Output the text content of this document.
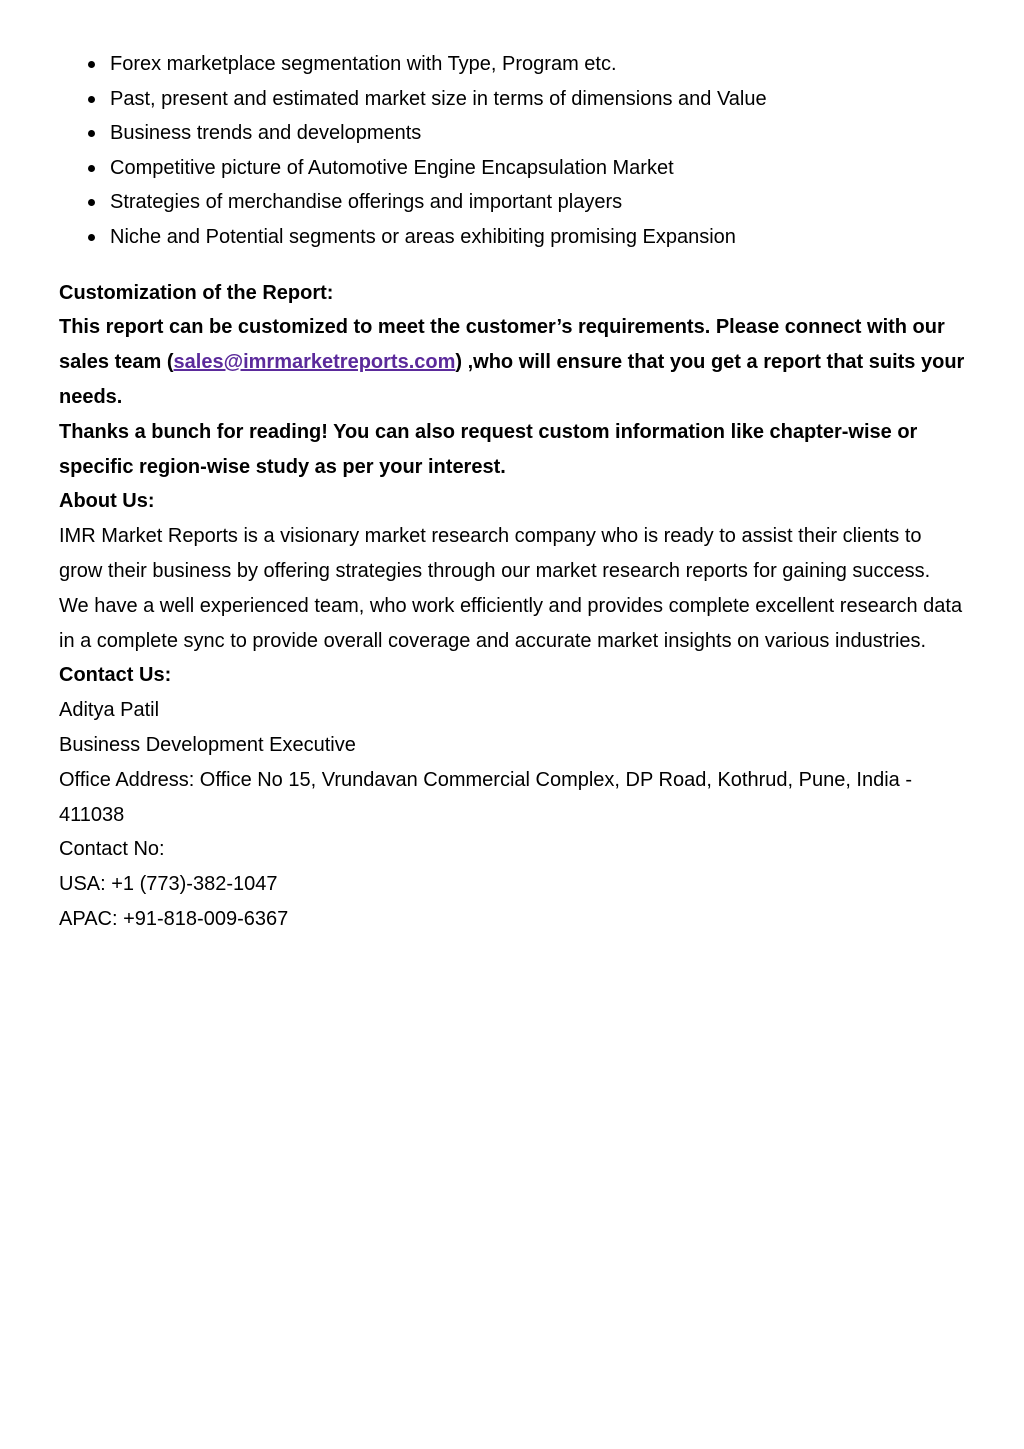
Forex marketplace segmentation with Type, Program etc.
Past, present and estimated market size in terms of dimensions and Value
Business trends and developments
Competitive picture of Automotive Engine Encapsulation Market
Strategies of merchandise offerings and important players
Niche and Potential segments or areas exhibiting promising Expansion

Customization of the Report:

This report can be customized to meet the customer’s requirements. Please connect with our sales team (sales@imrmarketreports.com) ,who will ensure that you get a report that suits your needs.

Thanks a bunch for reading! You can also request custom information like chapter-wise or specific region-wise study as per your interest.

About Us:

IMR Market Reports is a visionary market research company who is ready to assist their clients to grow their business by offering strategies through our market research reports for gaining success. We have a well experienced team, who work efficiently and provides complete excellent research data in a complete sync to provide overall coverage and accurate market insights on various industries.

Contact Us:

Aditya Patil

Business Development Executive

Office Address: Office No 15, Vrundavan Commercial Complex, DP Road, Kothrud, Pune, India - 411038

Contact No:

USA: +1 (773)-382-1047

APAC: +91-818-009-6367
